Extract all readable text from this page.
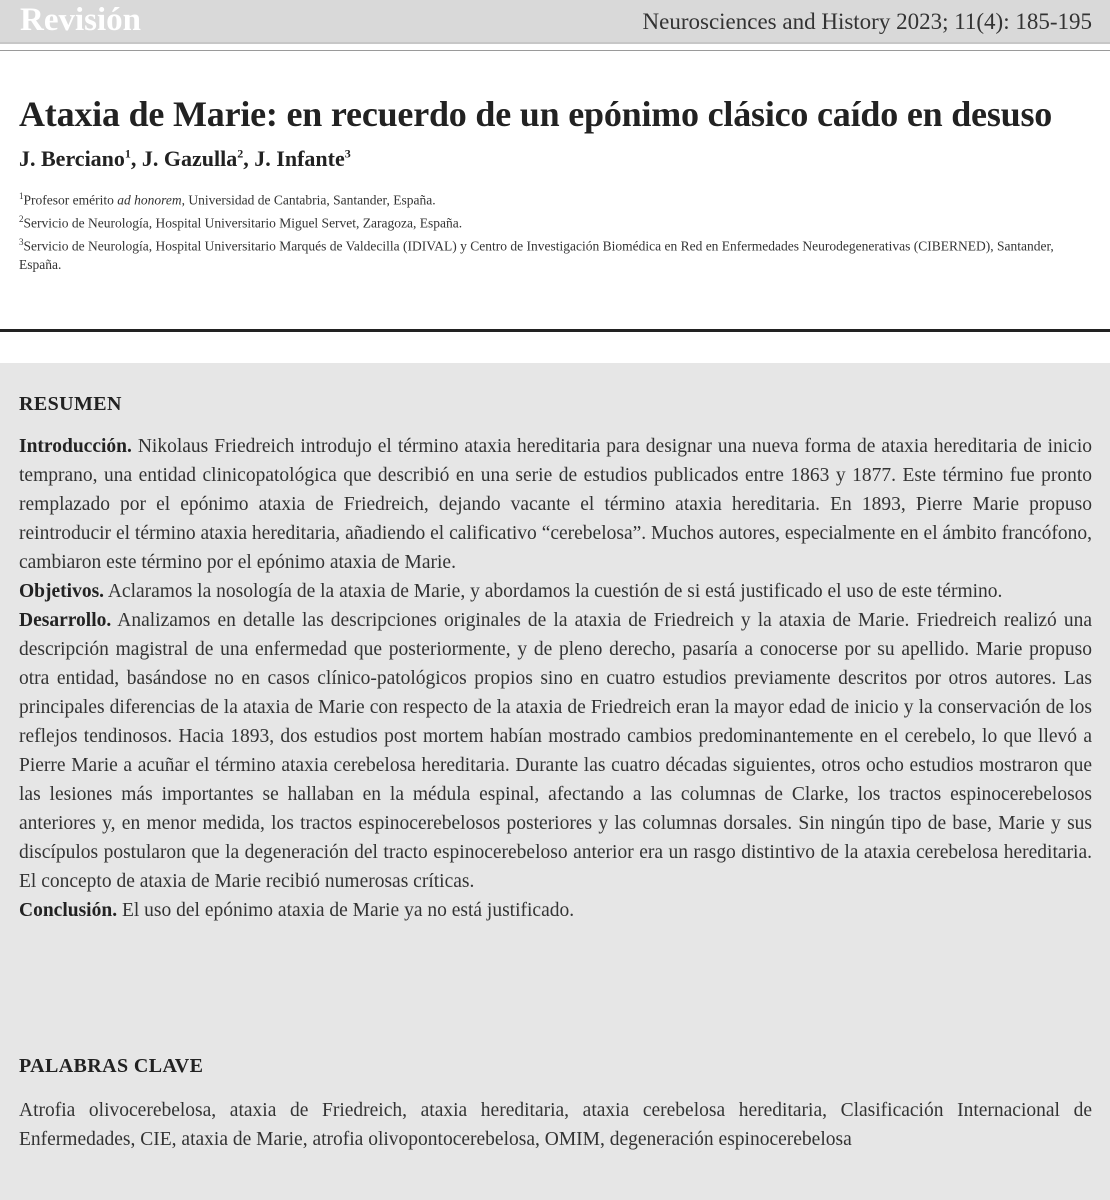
Revisión	Neurosciences and History 2023; 11(4): 185-195
Ataxia de Marie: en recuerdo de un epónimo clásico caído en desuso
J. Berciano$^1$, J. Gazulla$^2$, J. Infante$^3$
$^1$Profesor emérito ad honorem, Universidad de Cantabria, Santander, España.
$^2$Servicio de Neurología, Hospital Universitario Miguel Servet, Zaragoza, España.
$^3$Servicio de Neurología, Hospital Universitario Marqués de Valdecilla (IDIVAL) y Centro de Investigación Biomédica en Red en Enfermedades Neurodegenerativas (CIBERNED), Santander, España.
RESUMEN

Introducción. Nikolaus Friedreich introdujo el término ataxia hereditaria para designar una nueva forma de ataxia hereditaria de inicio temprano, una entidad clinicopatológica que describió en una serie de estudios publicados entre 1863 y 1877. Este término fue pronto remplazado por el epónimo ataxia de Friedreich, dejando vacante el término ataxia hereditaria. En 1893, Pierre Marie propuso reintroducir el término ataxia hereditaria, añadiendo el calificativo “cerebelosa”. Muchos autores, especialmente en el ámbito francófono, cambiaron este término por el epónimo ataxia de Marie.

Objetivos. Aclaramos la nosología de la ataxia de Marie, y abordamos la cuestión de si está justificado el uso de este término.

Desarrollo. Analizamos en detalle las descripciones originales de la ataxia de Friedreich y la ataxia de Marie. Friedreich realizó una descripción magistral de una enfermedad que posteriormente, y de pleno derecho, pasaría a conocerse por su apellido. Marie propuso otra entidad, basándose no en casos clínico-patológicos propios sino en cuatro estudios previamente descritos por otros autores. Las principales diferencias de la ataxia de Marie con respecto de la ataxia de Friedreich eran la mayor edad de inicio y la conservación de los reflejos tendinosos. Hacia 1893, dos estudios post mortem habían mostrado cambios predominantemente en el cerebelo, lo que llevó a Pierre Marie a acuñar el término ataxia cerebelosa hereditaria. Durante las cuatro décadas siguientes, otros ocho estudios mostraron que las lesiones más importantes se hallaban en la médula espinal, afectando a las columnas de Clarke, los tractos espinocerebelosos anteriores y, en menor medida, los tractos espinocerebelosos posteriores y las columnas dorsales. Sin ningún tipo de base, Marie y sus discípulos postularon que la degeneración del tracto espinocerebeloso anterior era un rasgo distintivo de la ataxia cerebelosa hereditaria. El concepto de ataxia de Marie recibió numerosas críticas.

Conclusión. El uso del epónimo ataxia de Marie ya no está justificado.

PALABRAS CLAVE
Atrofia olivocerebelosa, ataxia de Friedreich, ataxia hereditaria, ataxia cerebelosa hereditaria, Clasificación Internacional de Enfermedades, CIE, ataxia de Marie, atrofia olivopontocerebelosa, OMIM, degeneración espinocerebelosa
